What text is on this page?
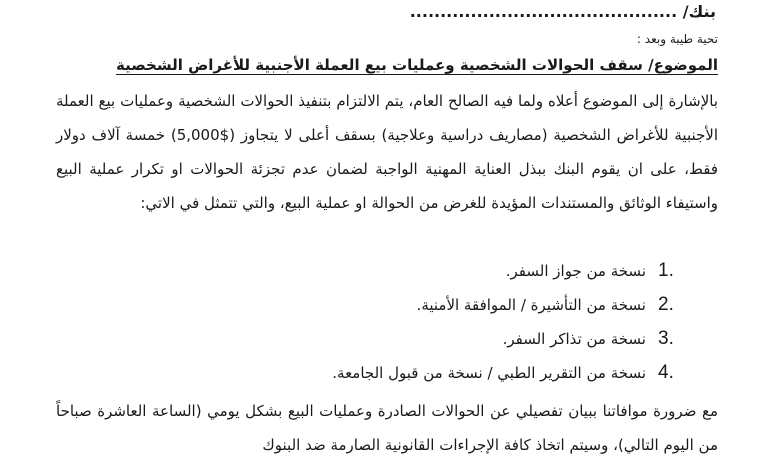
بنك/ ............................................
تحية طيبة وبعد :
الموضوع/ سقف الحوالات الشخصية وعمليات بيع العملة الأجنبية للأغراض الشخصية
بالإشارة إلى الموضوع أعلاه ولما فيه الصالح العام، يتم الالتزام بتنفيذ الحوالات الشخصية وعمليات بيع العملة الأجنبية للأغراض الشخصية (مصاريف دراسية وعلاجية) بسقف أعلى لا يتجاوز ($5,000) خمسة آلاف دولار فقط، على ان يقوم البنك ببذل العناية المهنية الواجبة لضمان عدم تجزئة الحوالات او تكرار عملية البيع واستيفاء الوثائق والمستندات المؤيدة للغرض من الحوالة او عملية البيع، والتي تتمثل في الاتي:
1.نسخة من جواز السفر.
2.نسخة من التأشيرة / الموافقة الأمنية.
3.نسخة من تذاكر السفر.
4.نسخة من التقرير الطبي / نسخة من قبول الجامعة.
مع ضرورة موافاتنا ببيان تفصيلي عن الحوالات الصادرة وعمليات البيع بشكل يومي (الساعة العاشرة صباحاً من اليوم التالي)، وسيتم اتخاذ كافة الإجراءات القانونية الصارمة ضد البنوك
